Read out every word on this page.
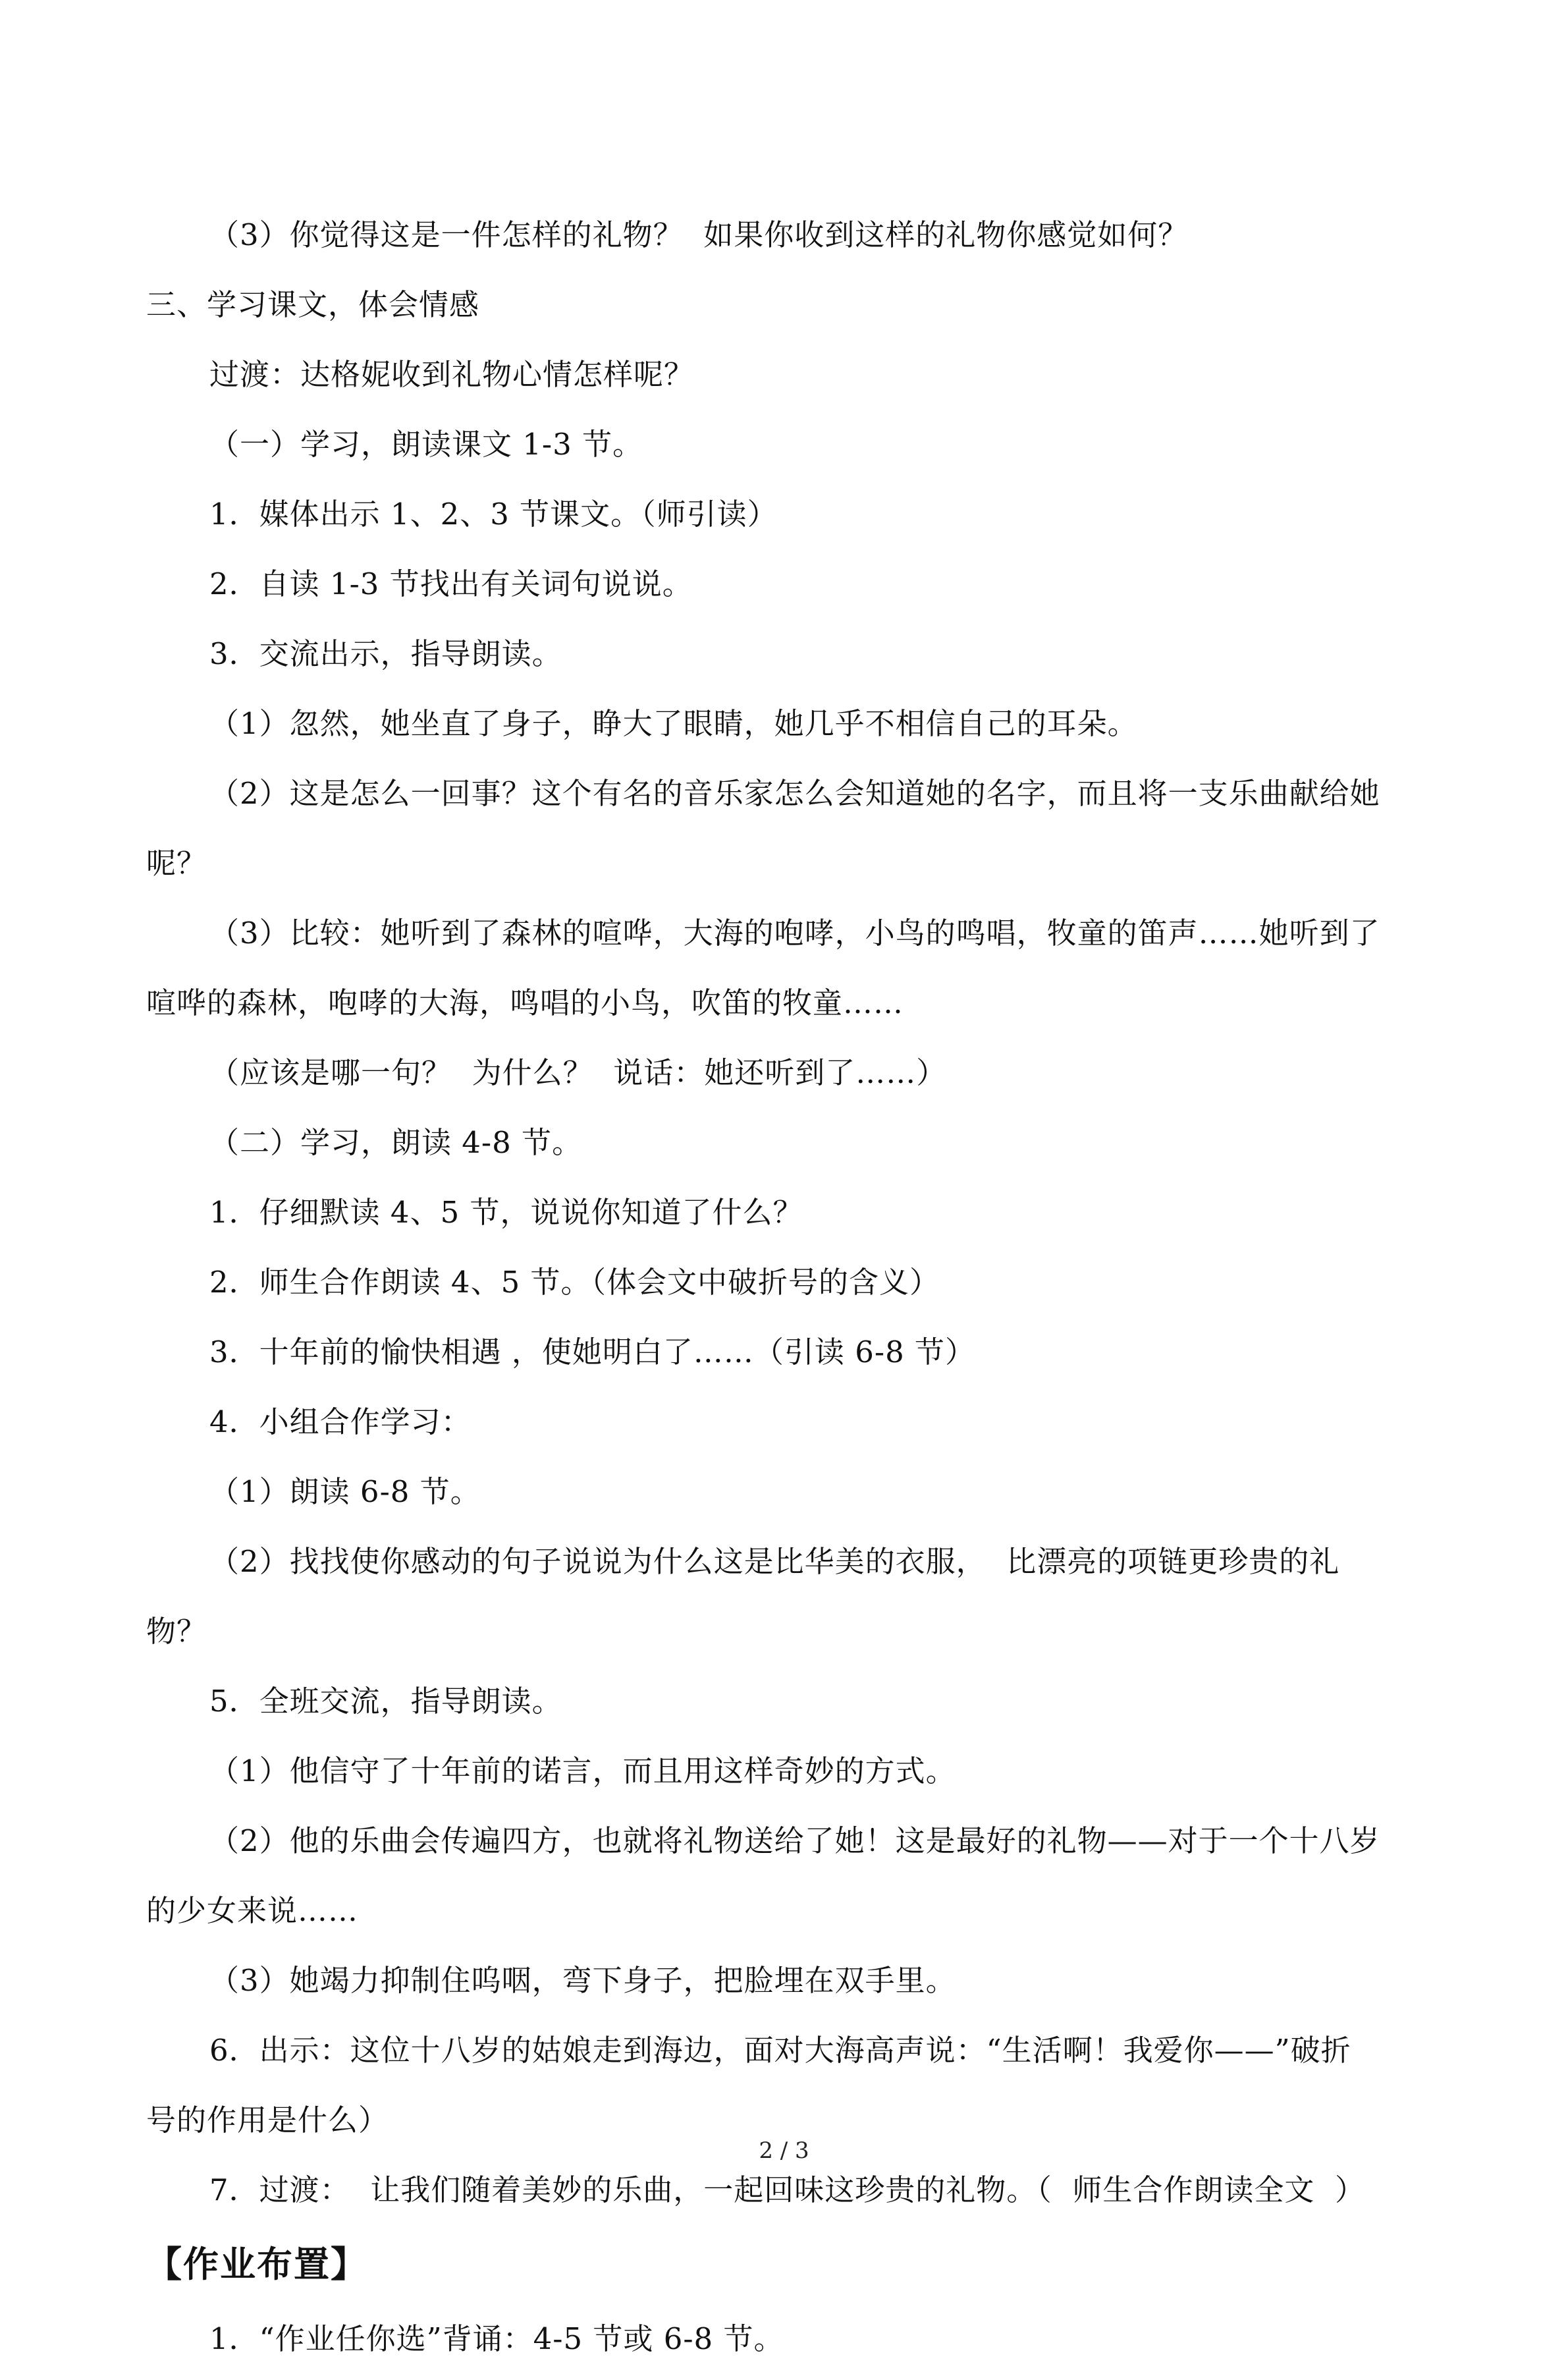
（3）你觉得这是一件怎样的礼物？  如果你收到这样的礼物你感觉如何？
三、学习课文，体会情感
过渡：达格妮收到礼物心情怎样呢？
（一）学习，朗读课文 1-3 节。
1．媒体出示 1、2、3 节课文。（师引读）
2．自读 1-3 节找出有关词句说说。
3．交流出示，指导朗读。
（1）忽然，她坐直了身子，睁大了眼睛，她几乎不相信自己的耳朵。
（2）这是怎么一回事？这个有名的音乐家怎么会知道她的名字，而且将一支乐曲献给她
呢？
（3）比较：她听到了森林的喧哗，大海的咆哮，小鸟的鸣唱，牧童的笛声……她听到了
喧哗的森林，咆哮的大海，鸣唱的小鸟，吹笛的牧童……
（应该是哪一句？  为什么？  说话：她还听到了……）
（二）学习，朗读 4-8 节。
1．仔细默读 4、5 节，说说你知道了什么？
2．师生合作朗读 4、5 节。（体会文中破折号的含义）
3．十年前的愉快相遇 ，使她明白了……（引读 6-8 节）
4．小组合作学习：
（1）朗读 6-8 节。
（2）找找使你感动的句子说说为什么这是比华美的衣服，  比漂亮的项链更珍贵的礼
物？
5．全班交流，指导朗读。
（1）他信守了十年前的诺言，而且用这样奇妙的方式。
（2）他的乐曲会传遍四方，也就将礼物送给了她！这是最好的礼物——对于一个十八岁
的少女来说……
（3）她竭力抑制住呜咽，弯下身子，把脸埋在双手里。
6．出示：这位十八岁的姑娘走到海边，面对大海高声说：“生活啊！我爱你——”破折
号的作用是什么）
7．过渡：  让我们随着美妙的乐曲，一起回味这珍贵的礼物。（  师生合作朗读全文  ）
【作业布置】
1．“作业任你选”背诵：4-5 节或 6-8 节。
2 / 3
